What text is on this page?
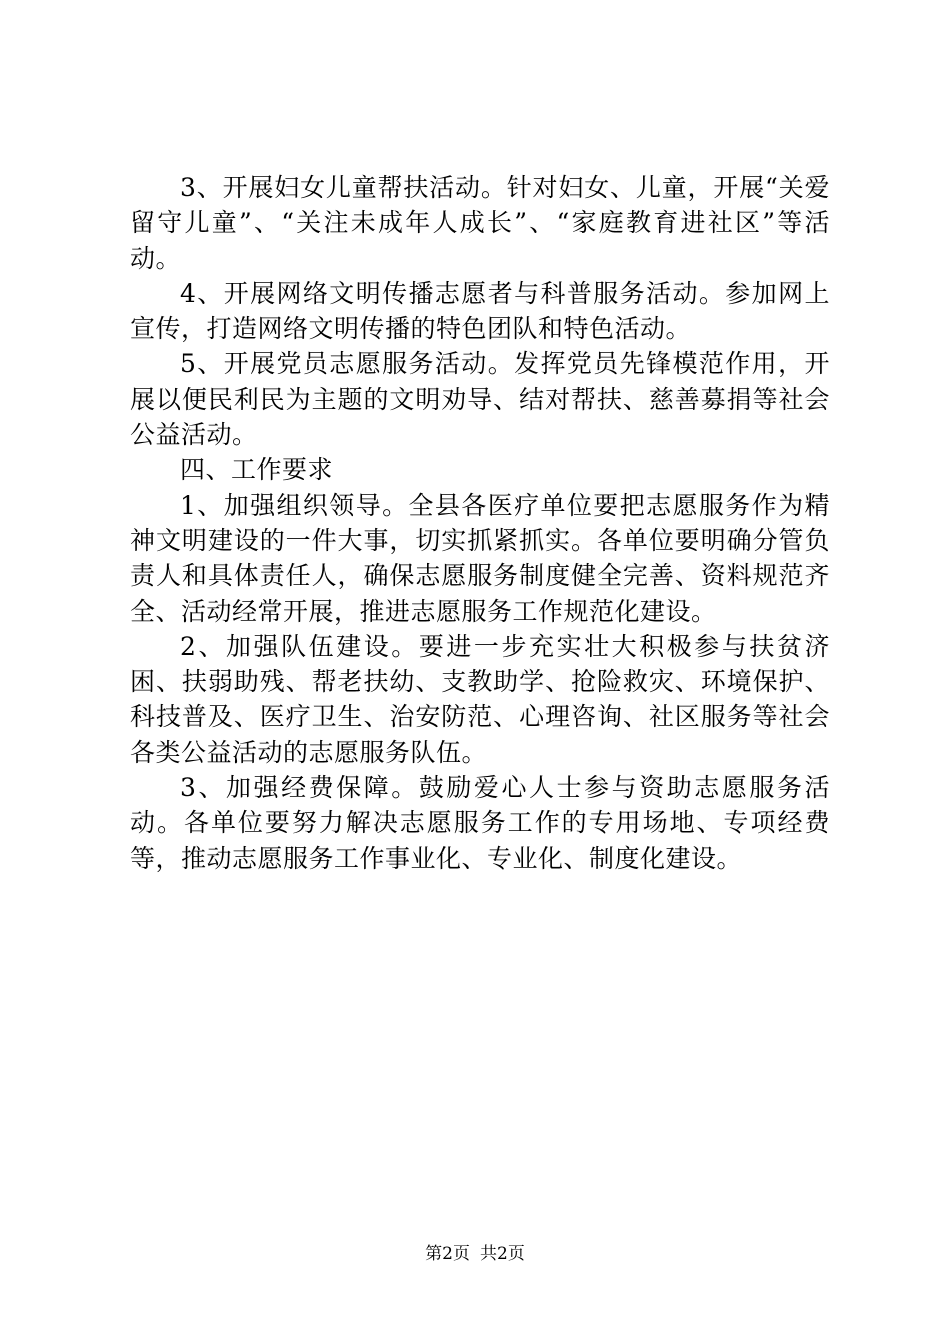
3、开展妇女儿童帮扶活动。针对妇女、儿童，开展“关爱留守儿童”、“关注未成年人成长”、“家庭教育进社区”等活动。

4、开展网络文明传播志愿者与科普服务活动。参加网上宣传，打造网络文明传播的特色团队和特色活动。

5、开展党员志愿服务活动。发挥党员先锋模范作用，开展以便民利民为主题的文明劝导、结对帮扶、慈善募捐等社会公益活动。

四、工作要求

1、加强组织领导。全县各医疗单位要把志愿服务作为精神文明建设的一件大事，切实抓紧抓实。各单位要明确分管负责人和具体责任人，确保志愿服务制度健全完善、资料规范齐全、活动经常开展，推进志愿服务工作规范化建设。

2、加强队伍建设。要进一步充实壮大积极参与扶贫济困、扶弱助残、帮老扶幼、支教助学、抢险救灾、环境保护、科技普及、医疗卫生、治安防范、心理咨询、社区服务等社会各类公益活动的志愿服务队伍。

3、加强经费保障。鼓励爱心人士参与资助志愿服务活动。各单位要努力解决志愿服务工作的专用场地、专项经费等，推动志愿服务工作事业化、专业化、制度化建设。

第2页 共2页
